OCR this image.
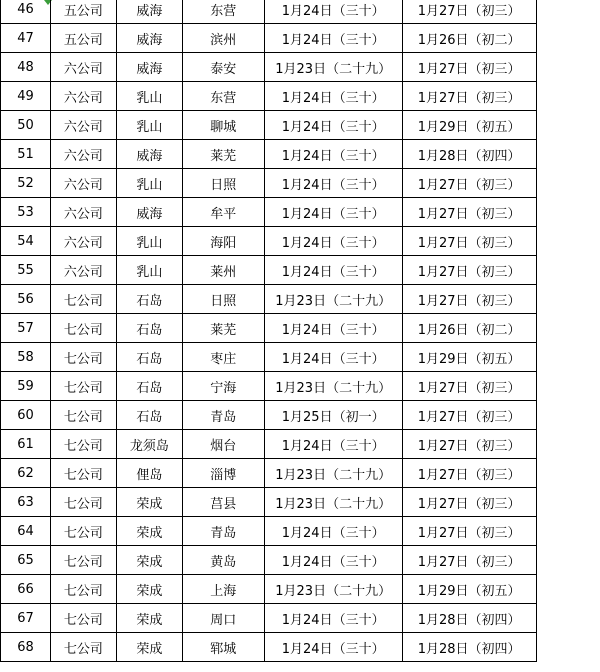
46	五公司	威海	东营	1月24日（三十）	1月27日（初三）	
47	五公司	威海	滨州	1月24日（三十）	1月26日（初二）	
48	六公司	威海	泰安	1月23日（二十九）	1月27日（初三）	
49	六公司	乳山	东营	1月24日（三十）	1月27日（初三）	
50	六公司	乳山	聊城	1月24日（三十）	1月29日（初五）	
51	六公司	威海	莱芜	1月24日（三十）	1月28日（初四）	
52	六公司	乳山	日照	1月24日（三十）	1月27日（初三）	
53	六公司	威海	牟平	1月24日（三十）	1月27日（初三）	
54	六公司	乳山	海阳	1月24日（三十）	1月27日（初三）	
55	六公司	乳山	莱州	1月24日（三十）	1月27日（初三）	
56	七公司	石岛	日照	1月23日（二十九）	1月27日（初三）	
57	七公司	石岛	莱芜	1月24日（三十）	1月26日（初二）	
58	七公司	石岛	枣庄	1月24日（三十）	1月29日（初五）	
59	七公司	石岛	宁海	1月23日（二十九）	1月27日（初三）	
60	七公司	石岛	青岛	1月25日（初一）	1月27日（初三）	
61	七公司	龙须岛	烟台	1月24日（三十）	1月27日（初三）	
62	七公司	俚岛	淄博	1月23日（二十九）	1月27日（初三）	
63	七公司	荣成	莒县	1月23日（二十九）	1月27日（初三）	
64	七公司	荣成	青岛	1月24日（三十）	1月27日（初三）	
65	七公司	荣成	黄岛	1月24日（三十）	1月27日（初三）	
66	七公司	荣成	上海	1月23日（二十九）	1月29日（初五）	
67	七公司	荣成	周口	1月24日（三十）	1月28日（初四）	
68	七公司	荣成	郓城	1月24日（三十）	1月28日（初四）	
